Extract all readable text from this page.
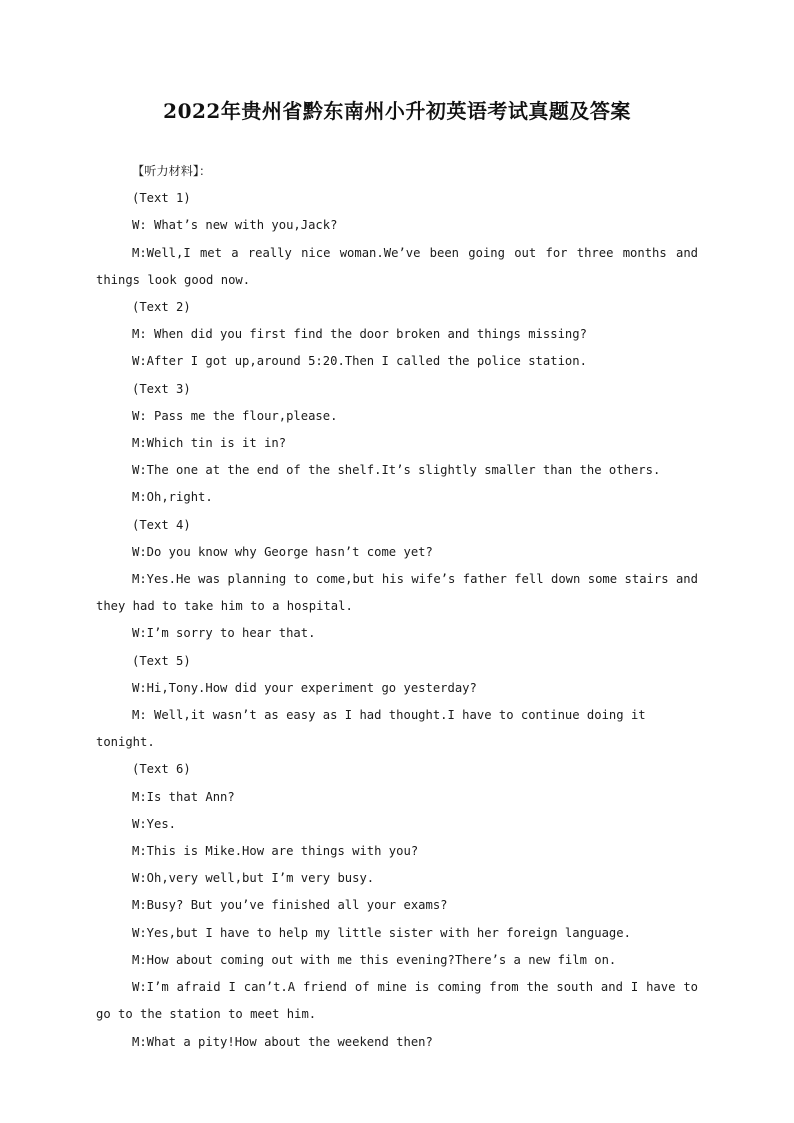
2022年贵州省黔东南州小升初英语考试真题及答案

【听力材料】：

(Text 1)

W: What’s new with you,Jack?

M:Well,I met a really nice woman.We’ve been going out for three months and things look good now.

(Text 2)

M: When did you first find the door broken and things missing?

W:After I got up,around 5:20.Then I called the police station.

(Text 3)

W: Pass me the flour,please.

M:Which tin is it in?

W:The one at the end of the shelf.It’s slightly smaller than the others.

M:Oh,right.

(Text 4)

W:Do you know why George hasn’t come yet?

M:Yes.He was planning to come,but his wife’s father fell down some stairs and they had to take him to a hospital.

W:I’m sorry to hear that.

(Text 5)

W:Hi,Tony.How did your experiment go yesterday?

M: Well,it wasn’t as easy as I had thought.I have to continue doing it tonight.

(Text 6)

M:Is that Ann?

W:Yes.

M:This is Mike.How are things with you?

W:Oh,very well,but I’m very busy.

M:Busy? But you’ve finished all your exams?

W:Yes,but I have to help my little sister with her foreign language.

M:How about coming out with me this evening?There’s a new film on.

W:I’m afraid I can’t.A friend of mine is coming from the south and I have to go to the station to meet him.

M:What a pity!How about the weekend then?
